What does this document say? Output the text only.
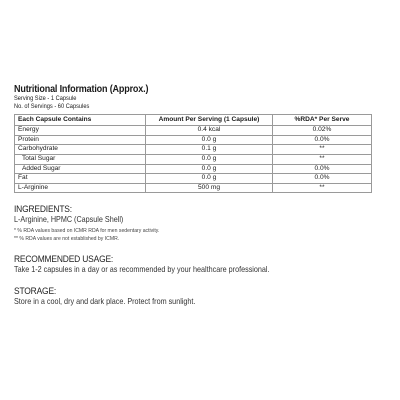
Nutritional Information (Approx.)
Serving Size - 1 Capsule
No. of Servings - 60 Capsules
Each Capsule Contains	Amount Per Serving (1 Capsule)	%RDA* Per Serve
Energy	0.4 kcal	0.02%
Protein	0.0 g	0.0%
Carbohydrate	0.1 g	**
Total Sugar	0.0 g	**
Added Sugar	0.0 g	0.0%
Fat	0.0 g	0.0%
L-Arginine	500 mg	**
INGREDIENTS:
L-Arginine, HPMC (Capsule Shell)
* % RDA values based on ICMR RDA for men sedentary activity.
** % RDA values are not established by ICMR.
RECOMMENDED USAGE:
Take 1-2 capsules in a day or as recommended by your healthcare professional.
STORAGE:
Store in a cool, dry and dark place. Protect from sunlight.
